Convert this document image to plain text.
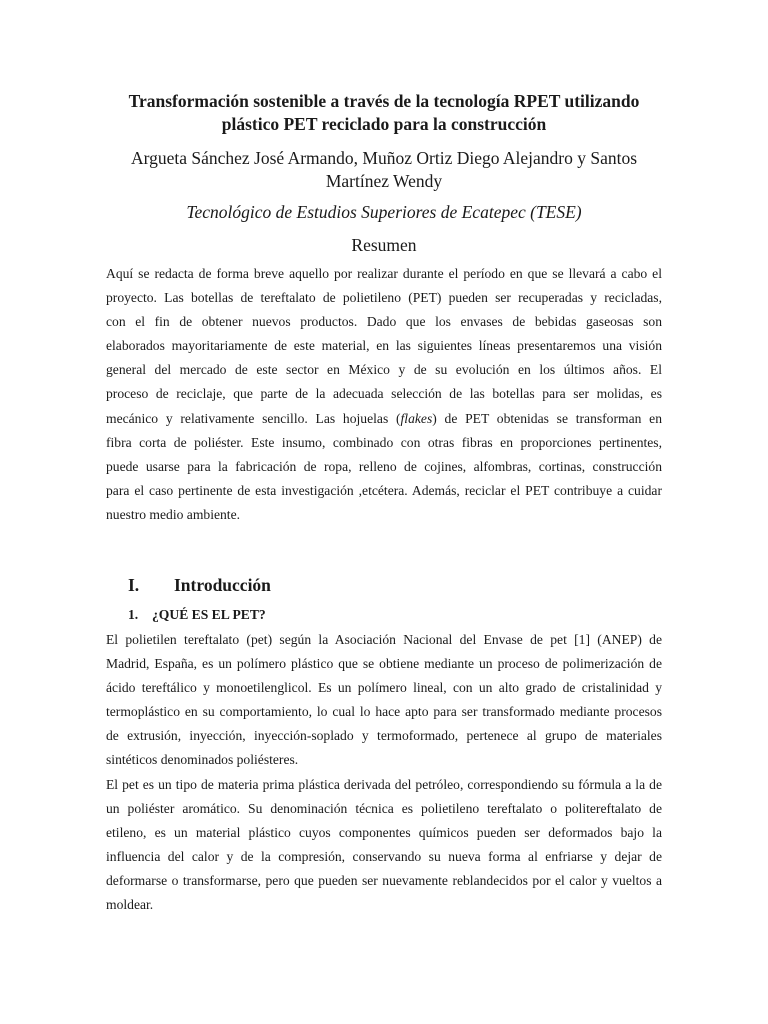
Transformación sostenible a través de la tecnología RPET utilizando
plástico PET reciclado para la construcción
Argueta Sánchez José Armando, Muñoz Ortiz Diego Alejandro y Santos
Martínez Wendy
Tecnológico de Estudios Superiores de Ecatepec (TESE)
Resumen
Aquí se redacta de forma breve aquello por realizar durante el período en que se llevará a cabo el
proyecto. Las botellas de tereftalato de polietileno (PET) pueden ser recuperadas y recicladas,
con el fin de obtener nuevos productos. Dado que los envases de bebidas gaseosas son
elaborados mayoritariamente de este material, en las siguientes líneas presentaremos una visión
general del mercado de este sector en México y de su evolución en los últimos años. El
proceso de reciclaje, que parte de la adecuada selección de las botellas para ser molidas, es
mecánico y relativamente sencillo. Las hojuelas (flakes) de PET obtenidas se transforman en
fibra corta de poliéster. Este insumo, combinado con otras fibras en proporciones pertinentes,
puede usarse para la fabricación de ropa, relleno de cojines, alfombras, cortinas, construcción
para el caso pertinente de esta investigación ,etcétera. Además, reciclar el PET contribuye a cuidar
nuestro medio ambiente.
I. Introducción
1. ¿QUÉ ES EL PET?
El polietilen tereftalato (pet) según la Asociación Nacional del Envase de pet [1] (ANEP) de
Madrid, España, es un polímero plástico que se obtiene mediante un proceso de polimerización de
ácido tereftálico y monoetilenglicol. Es un polímero lineal, con un alto grado de cristalinidad y
termoplástico en su comportamiento, lo cual lo hace apto para ser transformado mediante procesos
de extrusión, inyección, inyección-soplado y termoformado, pertenece al grupo de materiales
sintéticos denominados poliésteres.
El pet es un tipo de materia prima plástica derivada del petróleo, correspondiendo su fórmula a la de
un poliéster aromático. Su denominación técnica es polietileno tereftalato o politereftalato de
etileno, es un material plástico cuyos componentes químicos pueden ser deformados bajo la
influencia del calor y de la compresión, conservando su nueva forma al enfriarse y dejar de
deformarse o transformarse, pero que pueden ser nuevamente reblandecidos por el calor y vueltos a
moldear.
